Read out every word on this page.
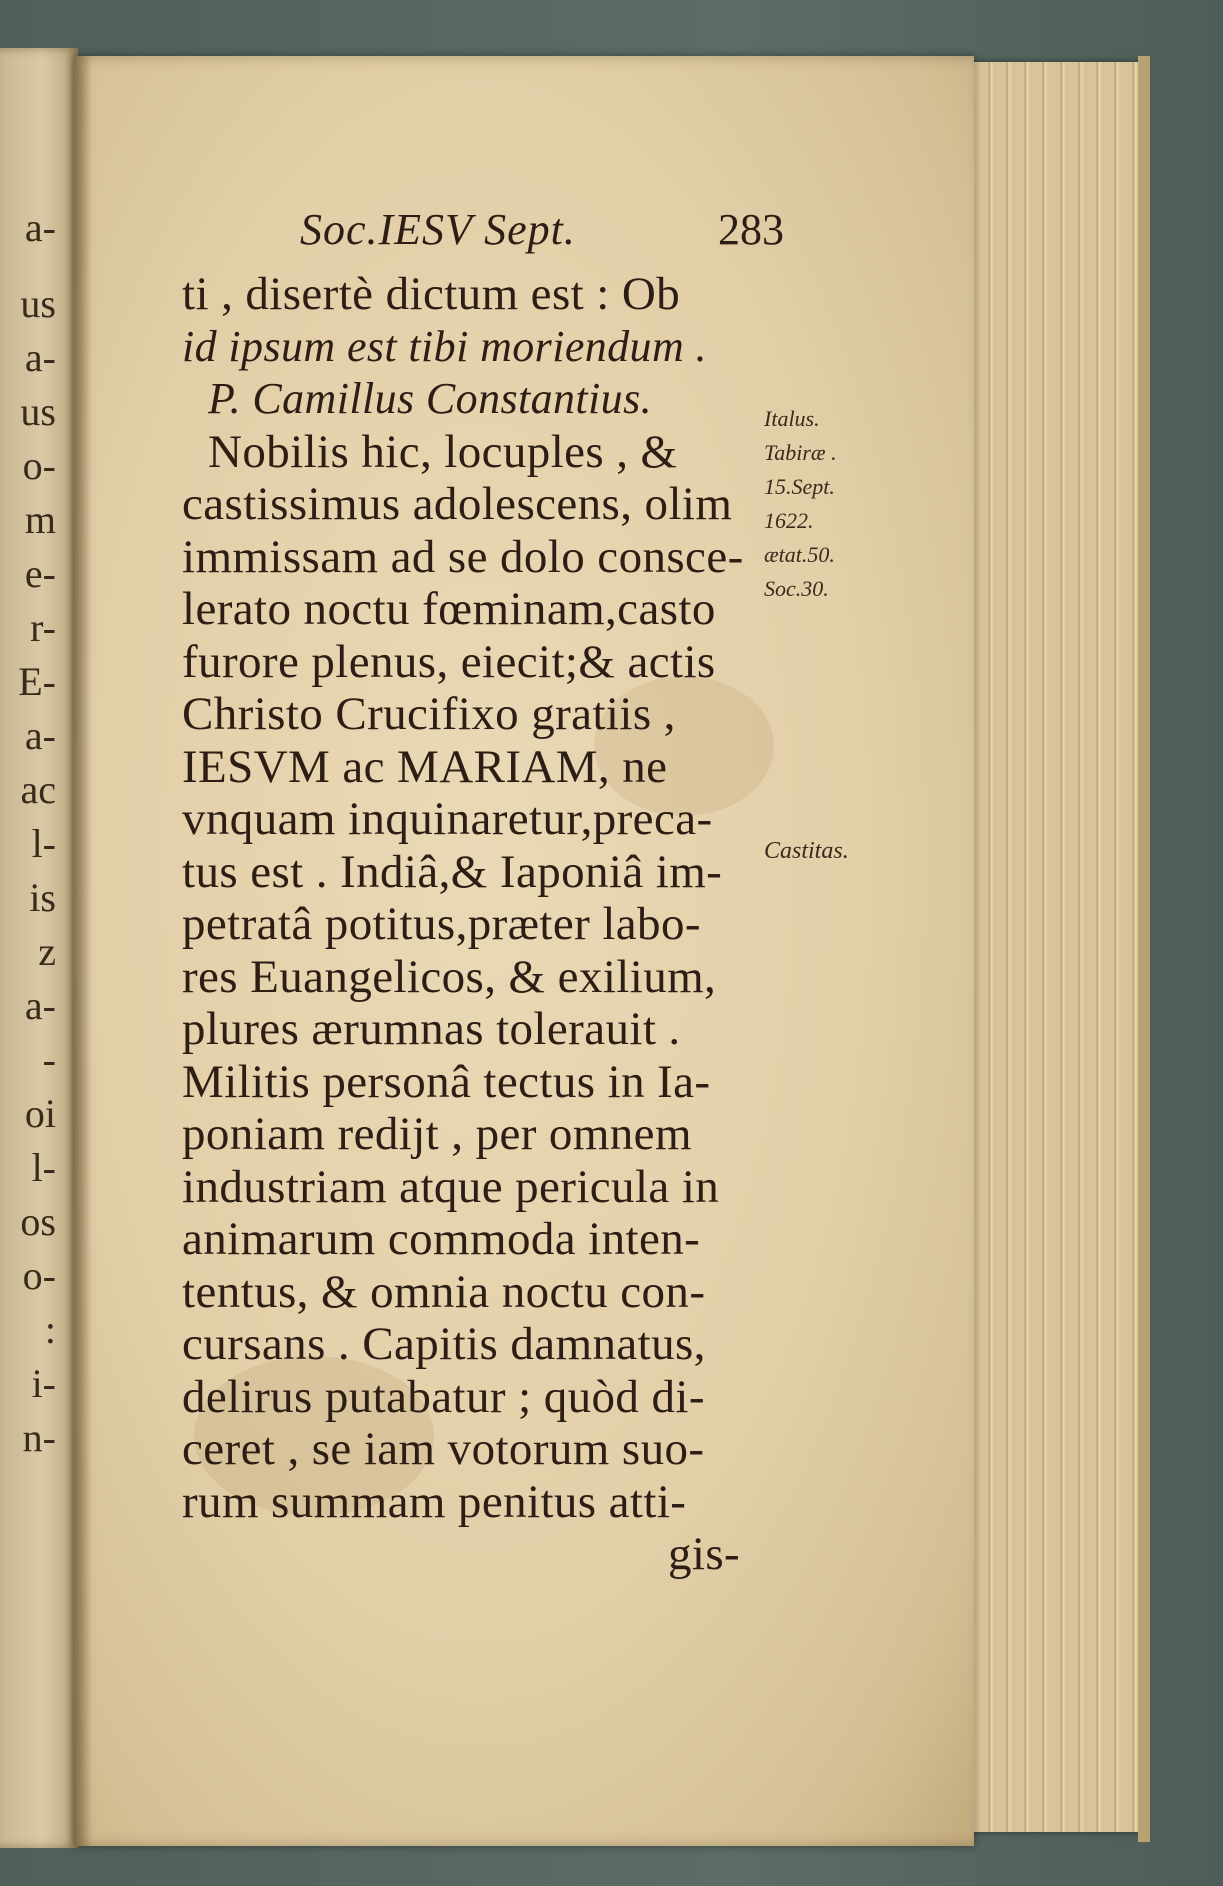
a-
us
a-
us
o-
m
e-
r-
E-
a-
ac
l-
is
z
a-
-
oi
l-
os
o-
:
i-
n-
Soc.IESV Sept.	283
ti , disertè dictum est : Ob
id ipsum est tibi moriendum .
P. Camillus Constantius.
Nobilis hic, locuples , &
castissimus adolescens, olim
immissam ad se dolo consce-
lerato noctu fœminam,casto
furore plenus, eiecit;& actis
Christo Crucifixo gratiis ,
IESVM ac MARIAM, ne
vnquam inquinaretur,preca-
tus est . Indiâ,& Iaponiâ im-
petratâ potitus,præter labo-
res Euangelicos, & exilium,
plures ærumnas tolerauit .
Militis personâ tectus in Ia-
poniam redijt , per omnem
industriam atque pericula in
animarum commoda inten-
tentus, & omnia noctu con-
cursans . Capitis damnatus,
delirus putabatur ; quòd di-
ceret , se iam votorum suo-
rum summam penitus atti-
gis-
Italus.
Tabiræ .
15.Sept.
1622.
ætat.50.
Soc.30.
Castitas.
